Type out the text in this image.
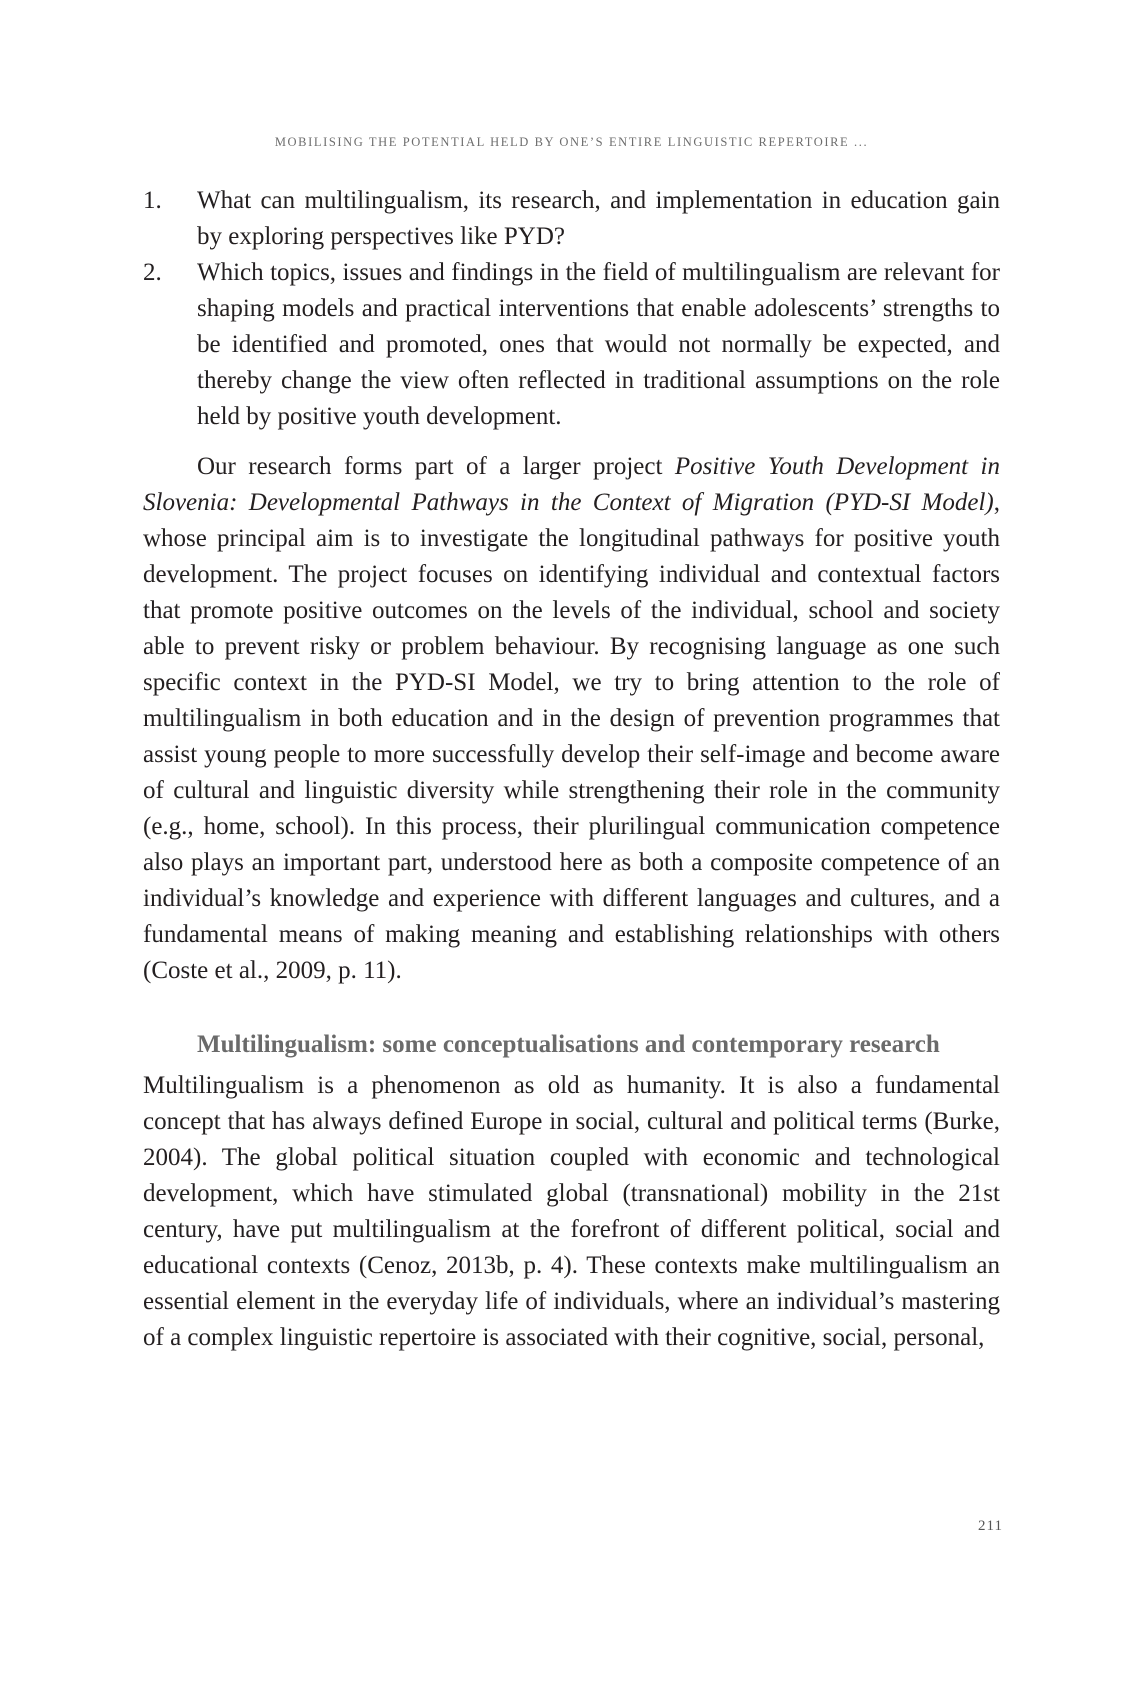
MOBILISING THE POTENTIAL HELD BY ONE’S ENTIRE LINGUISTIC REPERTOIRE ...
1. What can multilingualism, its research, and implementation in education gain by exploring perspectives like PYD?
2. Which topics, issues and findings in the field of multilingualism are relevant for shaping models and practical interventions that enable adolescents’ strengths to be identified and promoted, ones that would not normally be expected, and thereby change the view often reflected in traditional assumptions on the role held by positive youth development.

Our research forms part of a larger project Positive Youth Development in Slovenia: Developmental Pathways in the Context of Migration (PYD-SI Model), whose principal aim is to investigate the longitudinal pathways for positive youth development. The project focuses on identifying individual and contextual factors that promote positive outcomes on the levels of the individual, school and society able to prevent risky or problem behaviour. By recognising language as one such specific context in the PYD-SI Model, we try to bring attention to the role of multilingualism in both education and in the design of prevention programmes that assist young people to more successfully develop their self-image and become aware of cultural and linguistic diversity while strengthening their role in the community (e.g., home, school). In this process, their plurilingual communication competence also plays an important part, understood here as both a composite competence of an individual’s knowledge and experience with different languages and cultures, and a fundamental means of making meaning and establishing relationships with others (Coste et al., 2009, p. 11).

Multilingualism: some conceptualisations and contemporary research

Multilingualism is a phenomenon as old as humanity. It is also a fundamental concept that has always defined Europe in social, cultural and political terms (Burke, 2004). The global political situation coupled with economic and technological development, which have stimulated global (transnational) mobility in the 21st century, have put multilingualism at the forefront of different political, social and educational contexts (Cenoz, 2013b, p. 4). These contexts make multilingualism an essential element in the everyday life of individuals, where an individual’s mastering of a complex linguistic repertoire is associated with their cognitive, social, personal,

211
